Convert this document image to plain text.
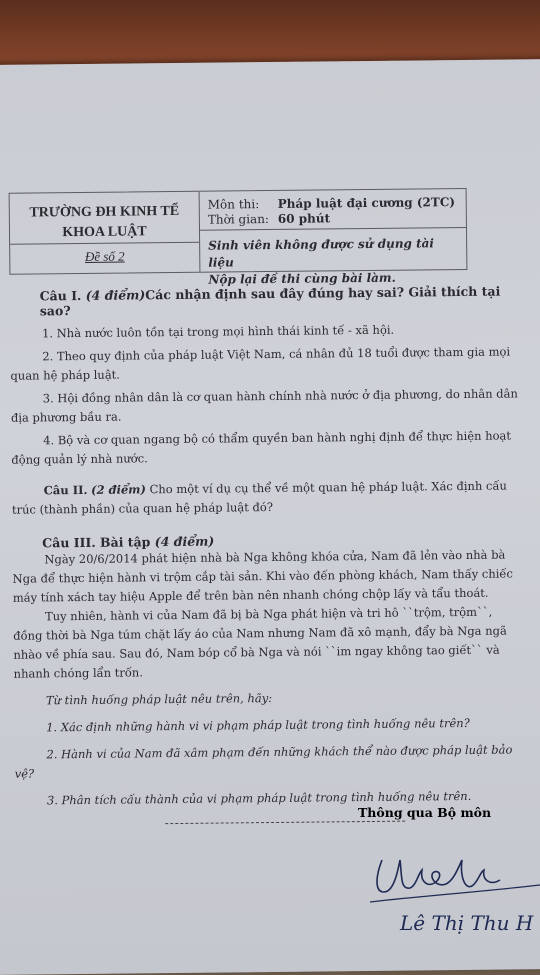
TRƯỜNG ĐH KINH TẾ
KHOA LUẬT
Đề số 2
Môn thi:	Pháp luật đại cương (2TC)
Thời gian: 60 phút
Sinh viên không được sử dụng tài liệu
Nộp lại đề thi cùng bài làm.
Câu I. (4 điểm)Các nhận định sau đây đúng hay sai? Giải thích tại sao?

1. Nhà nước luôn tồn tại trong mọi hình thái kinh tế - xã hội.

2. Theo quy định của pháp luật Việt Nam, cá nhân đủ 18 tuổi được tham gia mọi quan hệ pháp luật.

3. Hội đồng nhân dân là cơ quan hành chính nhà nước ở địa phương, do nhân dân địa phương bầu ra.

4. Bộ và cơ quan ngang bộ có thẩm quyền ban hành nghị định để thực hiện hoạt động quản lý nhà nước.

Câu II. (2 điểm) Cho một ví dụ cụ thể về một quan hệ pháp luật. Xác định cấu trúc (thành phần) của quan hệ pháp luật đó?

Câu III. Bài tập (4 điểm)

Ngày 20/6/2014 phát hiện nhà bà Nga không khóa cửa, Nam đã lẻn vào nhà bà Nga để thực hiện hành vi trộm cắp tài sản. Khi vào đến phòng khách, Nam thấy chiếc máy tính xách tay hiệu Apple để trên bàn nên nhanh chóng chộp lấy và tẩu thoát.

Tuy nhiên, hành vi của Nam đã bị bà Nga phát hiện và tri hô ``trộm, trộm``, đồng thời bà Nga túm chặt lấy áo của Nam nhưng Nam đã xô mạnh, đẩy bà Nga ngã nhào về phía sau. Sau đó, Nam bóp cổ bà Nga và nói ``im ngay không tao giết`` và nhanh chóng lẩn trốn.

Từ tình huống pháp luật nêu trên, hãy:

1. Xác định những hành vi vi phạm pháp luật trong tình huống nêu trên?

2. Hành vi của Nam đã xâm phạm đến những khách thể nào được pháp luật bảo vệ?

3. Phân tích cấu thành của vi phạm pháp luật trong tình huống nêu trên.

Thông qua Bộ môn
Lê Thị Thu H
